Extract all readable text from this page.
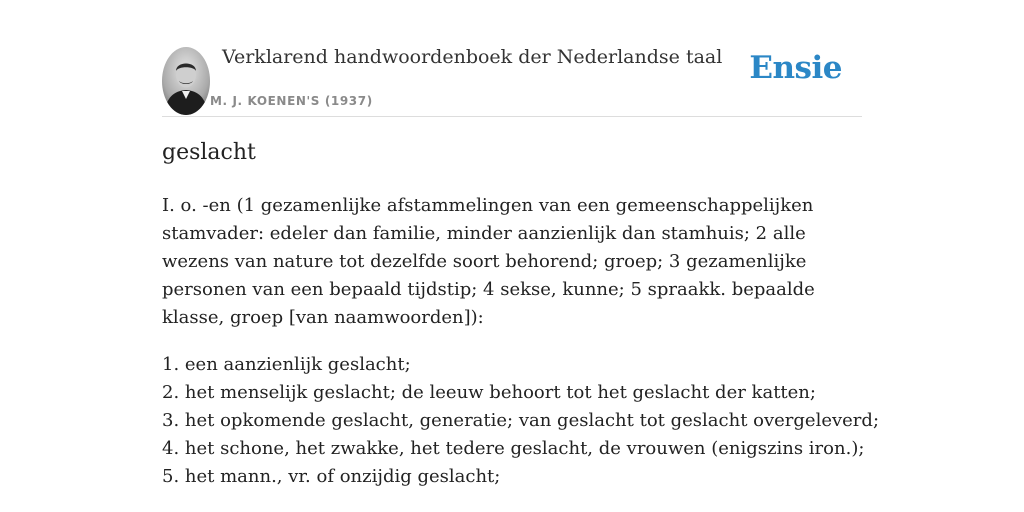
Verklarend handwoordenboek der Nederlandse taal
M. J. KOENEN'S (1937)
Ensie
geslacht

I. o. -en (1 gezamenlijke afstammelingen van een gemeenschappelijken stamvader: edeler dan familie, minder aanzienlijk dan stamhuis; 2 alle wezens van nature tot dezelfde soort behorend; groep; 3 gezamenlijke personen van een bepaald tijdstip; 4 sekse, kunne; 5 spraakk. bepaalde klasse, groep [van naamwoorden]):

1. een aanzienlijk geslacht;
2. het menselijk geslacht; de leeuw behoort tot het geslacht der katten;
3. het opkomende geslacht, generatie; van geslacht tot geslacht overgeleverd;
4. het schone, het zwakke, het tedere geslacht, de vrouwen (enigszins iron.);
5. het mann., vr. of onzijdig geslacht;
